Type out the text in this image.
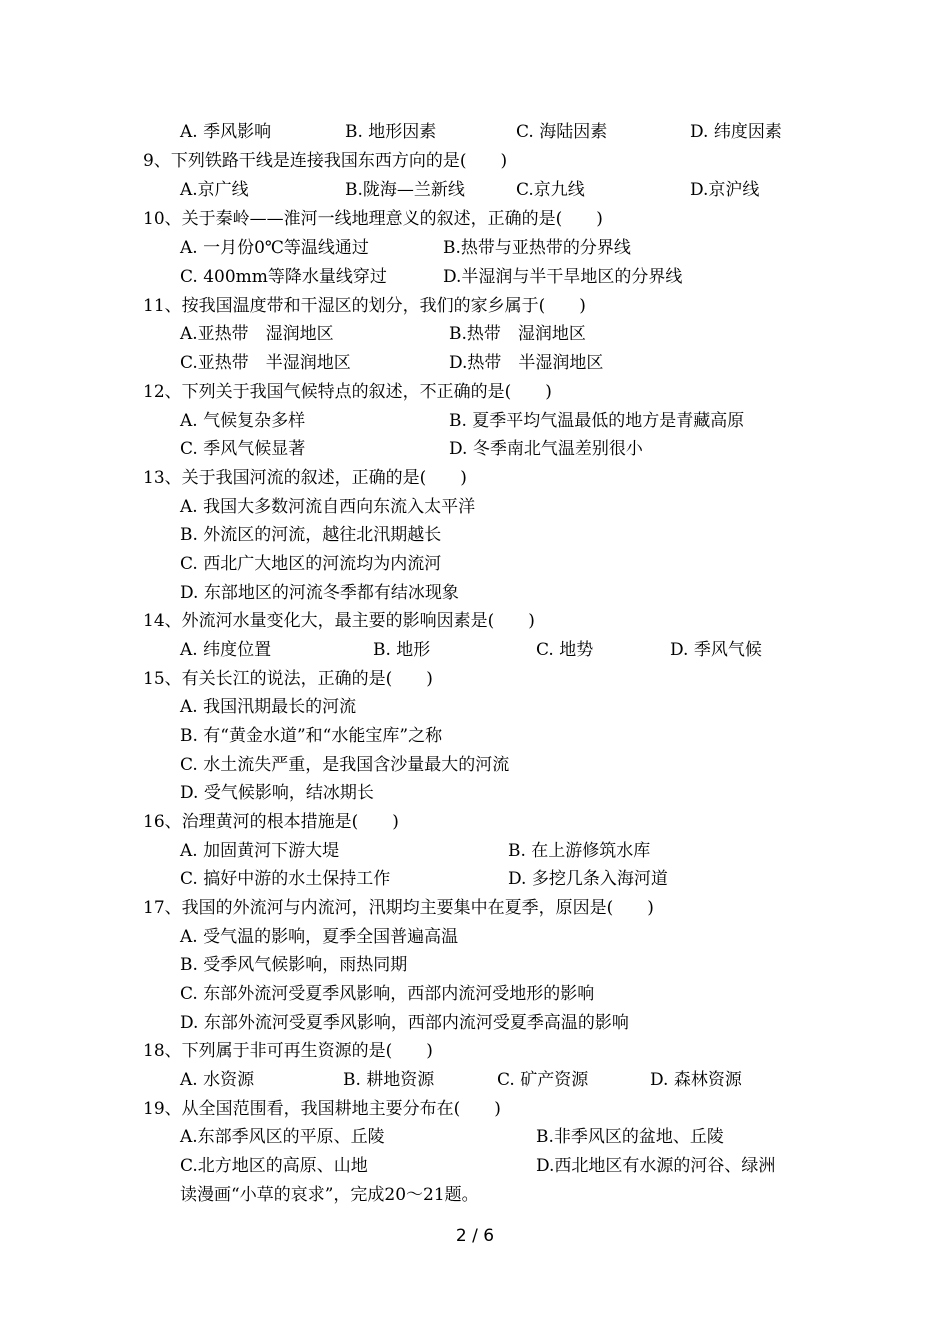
A. 季风影响	B. 地形因素	C. 海陆因素	D. 纬度因素
9、下列铁路干线是连接我国东西方向的是(　　)
A.京广线	B.陇海—兰新线	C.京九线	D.京沪线
10、关于秦岭——淮河一线地理意义的叙述，正确的是(　　)
A. 一月份0℃等温线通过	B.热带与亚热带的分界线
C. 400mm等降水量线穿过	D.半湿润与半干旱地区的分界线
11、按我国温度带和干湿区的划分，我们的家乡属于(　　)
A.亚热带　湿润地区	B.热带　湿润地区
C.亚热带　半湿润地区	D.热带　半湿润地区
12、下列关于我国气候特点的叙述，不正确的是(　　)
A. 气候复杂多样	B. 夏季平均气温最低的地方是青藏高原
C. 季风气候显著	D. 冬季南北气温差别很小
13、关于我国河流的叙述，正确的是(　　)
A. 我国大多数河流自西向东流入太平洋
B. 外流区的河流，越往北汛期越长
C. 西北广大地区的河流均为内流河
D. 东部地区的河流冬季都有结冰现象
14、外流河水量变化大，最主要的影响因素是(　　)
A. 纬度位置	B. 地形	C. 地势	D. 季风气候
15、有关长江的说法，正确的是(　　)
A. 我国汛期最长的河流
B. 有“黄金水道”和“水能宝库”之称
C. 水土流失严重，是我国含沙量最大的河流
D. 受气候影响，结冰期长
16、治理黄河的根本措施是(　　)
A. 加固黄河下游大堤	B. 在上游修筑水库
C. 搞好中游的水土保持工作	D. 多挖几条入海河道
17、我国的外流河与内流河，汛期均主要集中在夏季，原因是(　　)
A. 受气温的影响，夏季全国普遍高温
B. 受季风气候影响，雨热同期
C. 东部外流河受夏季风影响，西部内流河受地形的影响
D. 东部外流河受夏季风影响，西部内流河受夏季高温的影响
18、下列属于非可再生资源的是(　　)
A. 水资源	B. 耕地资源	C. 矿产资源	D. 森林资源
19、从全国范围看，我国耕地主要分布在(　　)
A.东部季风区的平原、丘陵	B.非季风区的盆地、丘陵
C.北方地区的高原、山地	D.西北地区有水源的河谷、绿洲
读漫画“小草的哀求”，完成20～21题。
2 / 6
